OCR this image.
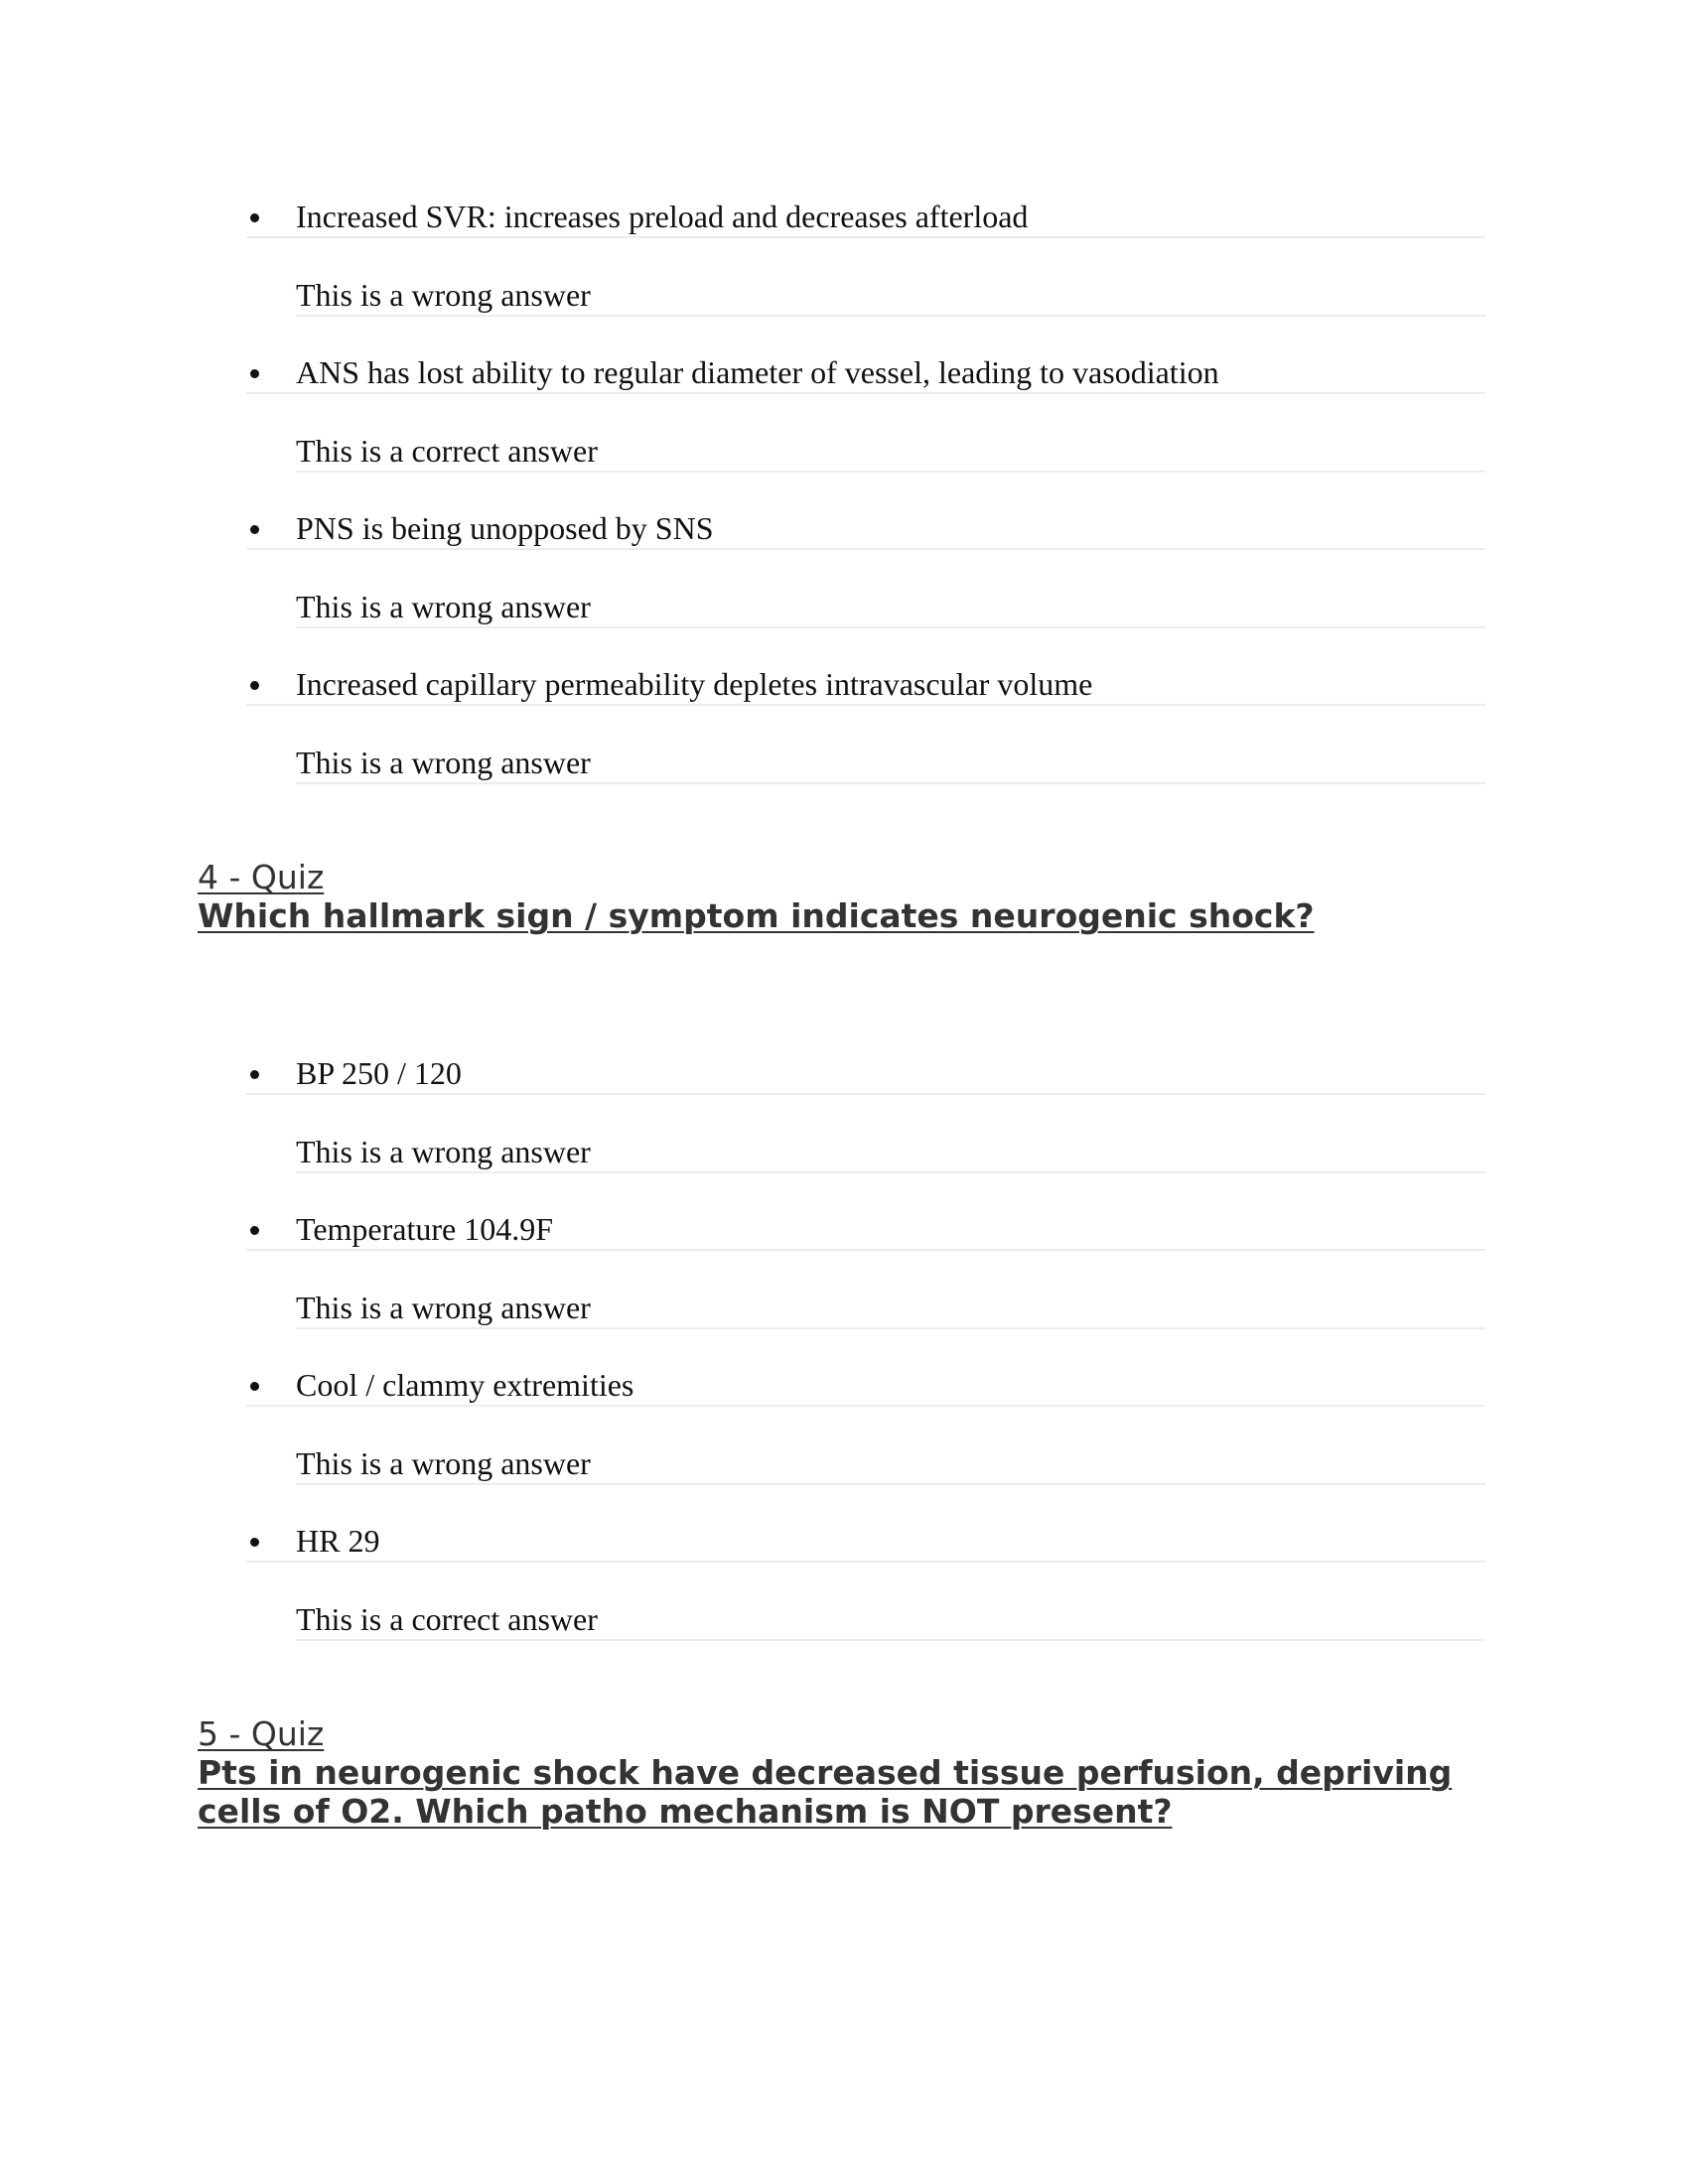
Increased SVR: increases preload and decreases afterload
This is a wrong answer
ANS has lost ability to regular diameter of vessel, leading to vasodiation
This is a correct answer
PNS is being unopposed by SNS
This is a wrong answer
Increased capillary permeability depletes intravascular volume
This is a wrong answer
4 - Quiz
Which hallmark sign / symptom indicates neurogenic shock?
BP 250 / 120
This is a wrong answer
Temperature 104.9F
This is a wrong answer
Cool / clammy extremities
This is a wrong answer
HR 29
This is a correct answer
5 - Quiz
Pts in neurogenic shock have decreased tissue perfusion, depriving cells of O2. Which patho mechanism is NOT present?
